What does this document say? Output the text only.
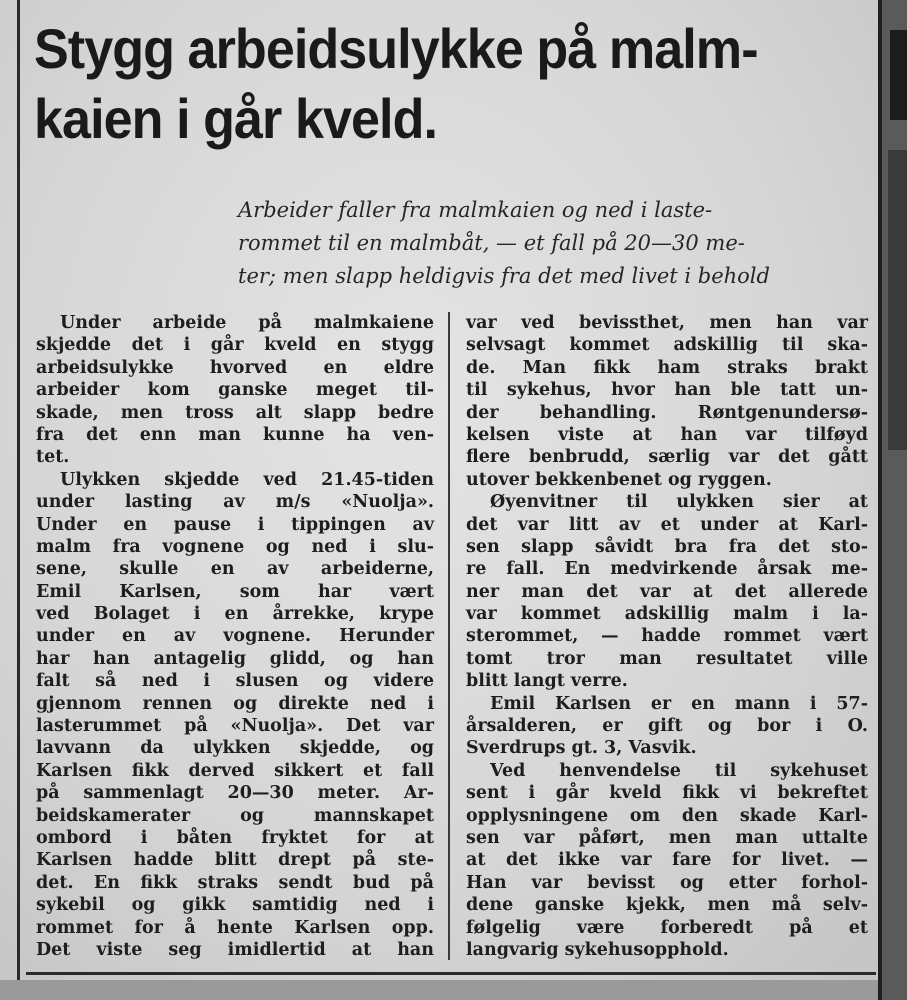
Stygg arbeidsulykke på malm-
kaien i går kveld.

Arbeider faller fra malmkaien og ned i laste-
rommet til en malmbåt, — et fall på 20—30 me-
ter; men slapp heldigvis fra det med livet i behold

Under arbeide på malmkaiene
skjedde det i går kveld en stygg
arbeidsulykke hvorved en eldre
arbeider kom ganske meget til-
skade, men tross alt slapp bedre
fra det enn man kunne ha ven-
tet.
Ulykken skjedde ved 21.45-tiden
under lasting av m/s «Nuolja».
Under en pause i tippingen av
malm fra vognene og ned i slu-
sene, skulle en av arbeiderne,
Emil Karlsen, som har vært
ved Bolaget i en årrekke, krype
under en av vognene. Herunder
har han antagelig glidd, og han
falt så ned i slusen og videre
gjennom rennen og direkte ned i
lasterummet på «Nuolja». Det var
lavvann da ulykken skjedde, og
Karlsen fikk derved sikkert et fall
på sammenlagt 20—30 meter. Ar-
beidskamerater og mannskapet
ombord i båten fryktet for at
Karlsen hadde blitt drept på ste-
det. En fikk straks sendt bud på
sykebil og gikk samtidig ned i
rommet for å hente Karlsen opp.
Det viste seg imidlertid at han
var ved bevissthet, men han var
selvsagt kommet adskillig til ska-
de. Man fikk ham straks brakt
til sykehus, hvor han ble tatt un-
der behandling. Røntgenundersø-
kelsen viste at han var tilføyd
flere benbrudd, særlig var det gått
utover bekkenbenet og ryggen.
Øyenvitner til ulykken sier at
det var litt av et under at Karl-
sen slapp såvidt bra fra det sto-
re fall. En medvirkende årsak me-
ner man det var at det allerede
var kommet adskillig malm i la-
sterommet, — hadde rommet vært
tomt tror man resultatet ville
blitt langt verre.
Emil Karlsen er en mann i 57-
årsalderen, er gift og bor i O.
Sverdrups gt. 3, Vasvik.
Ved henvendelse til sykehuset
sent i går kveld fikk vi bekreftet
opplysningene om den skade Karl-
sen var påført, men man uttalte
at det ikke var fare for livet. —
Han var bevisst og etter forhol-
dene ganske kjekk, men må selv-
følgelig være forberedt på et
langvarig sykehusopphold.
